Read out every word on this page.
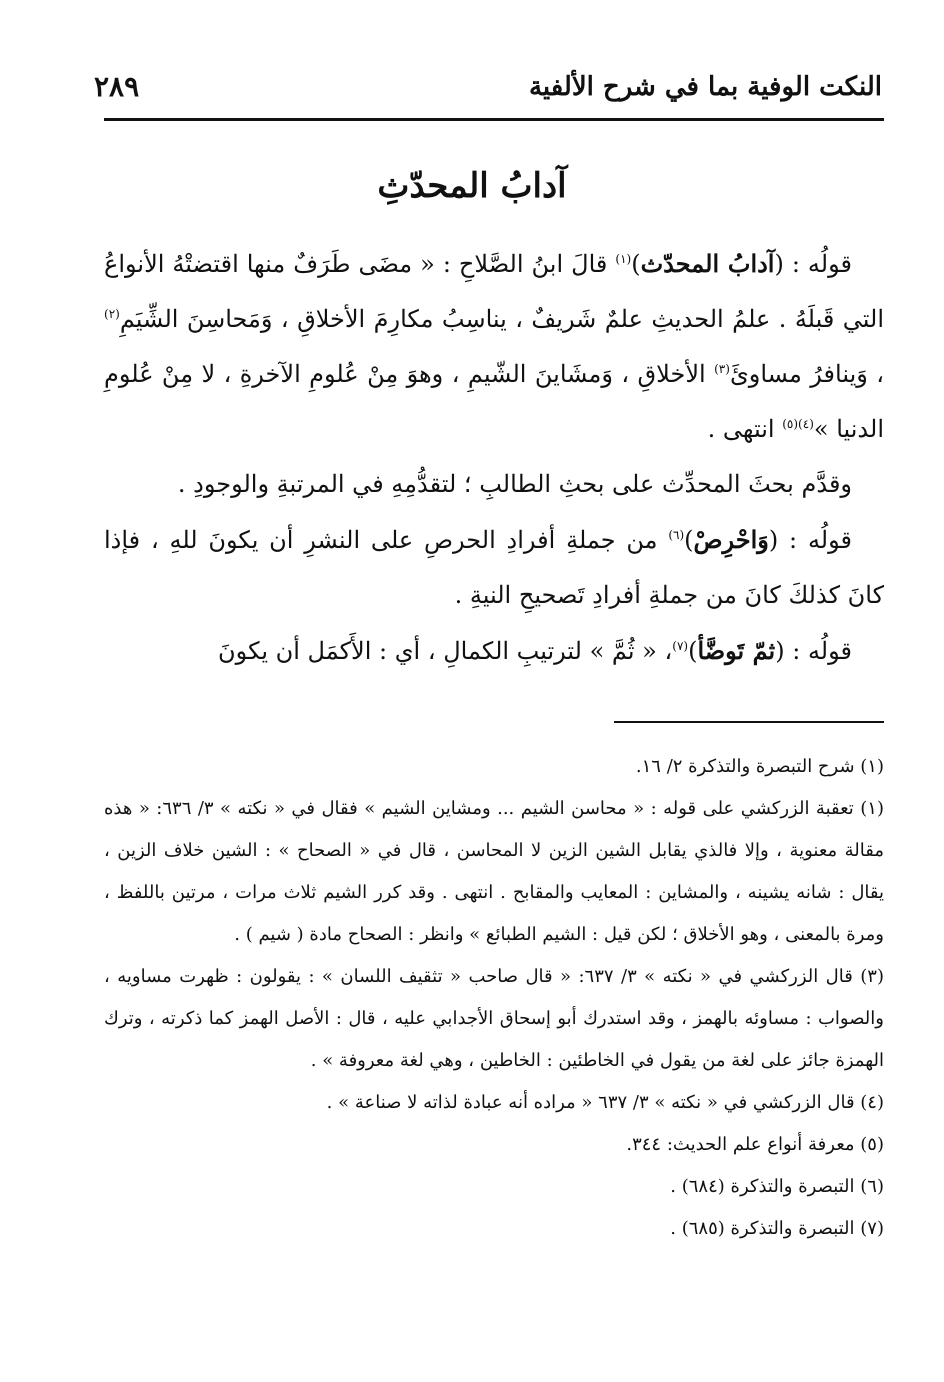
النكت الوفية بما في شرح الألفية
٢٨٩
آدابُ المحدّثِ

قولُه : (آدابُ المحدّث)$^{(١)}$ قالَ ابنُ الصَّلاحِ : « مضَى طَرَفٌ منها اقتضتْهُ الأنواعُ التي قَبلَهُ . علمُ الحديثِ علمٌ شَريفٌ ، يناسِبُ مكارِمَ الأخلاقِ ، وَمَحاسِنَ الشِّيَمِ$^{(٢)}$ ، وَينافرُ مساوئَ$^{(٣)}$ الأخلاقِ ، وَمشَاينَ الشّيمِ ، وهوَ مِنْ عُلومِ الآخرةِ ، لا مِنْ عُلومِ الدنيا »$^{(٤)(٥)}$ انتهى .

وقدَّم بحثَ المحدِّث على بحثِ الطالبِ ؛ لتقدُّمِهِ في المرتبةِ والوجودِ .

قولُه : (وَاحْرِصْ)$^{(٦)}$ من جملةِ أفرادِ الحرصِ على النشرِ أن يكونَ للهِ ، فإذا كانَ كذلكَ كانَ من جملةِ أفرادِ تَصحيحِ النيةِ .

قولُه : (ثمّ تَوضَّأ)$^{(٧)}$، « ثُمَّ » لترتيبِ الكمالِ ، أي : الأَكمَل أن يكونَ

(١) شرح التبصرة والتذكرة ٢/ ١٦.

(١) تعقبة الزركشي على قوله : « محاسن الشيم ... ومشاين الشيم » فقال في « نكته » ٣/ ٦٣٦: « هذه مقالة معنوية ، وإلا فالذي يقابل الشين الزين لا المحاسن ، قال في « الصحاح » : الشين خلاف الزين ، يقال : شانه يشينه ، والمشاين : المعايب والمقابح . انتهى . وقد كرر الشيم ثلاث مرات ، مرتين باللفظ ، ومرة بالمعنى ، وهو الأخلاق ؛ لكن قيل : الشيم الطبائع » وانظر : الصحاح مادة ( شيم ) .

(٣) قال الزركشي في « نكته » ٣/ ٦٣٧: « قال صاحب « تثقيف اللسان » : يقولون : ظهرت مساويه ، والصواب : مساوئه بالهمز ، وقد استدرك أبو إسحاق الأجدابي عليه ، قال : الأصل الهمز كما ذكرته ، وترك الهمزة جائز على لغة من يقول في الخاطئين : الخاطين ، وهي لغة معروفة » .

(٤) قال الزركشي في « نكته » ٣/ ٦٣٧ « مراده أنه عبادة لذاته لا صناعة » .

(٥) معرفة أنواع علم الحديث: ٣٤٤.

(٦) التبصرة والتذكرة (٦٨٤) .

(٧) التبصرة والتذكرة (٦٨٥) .
